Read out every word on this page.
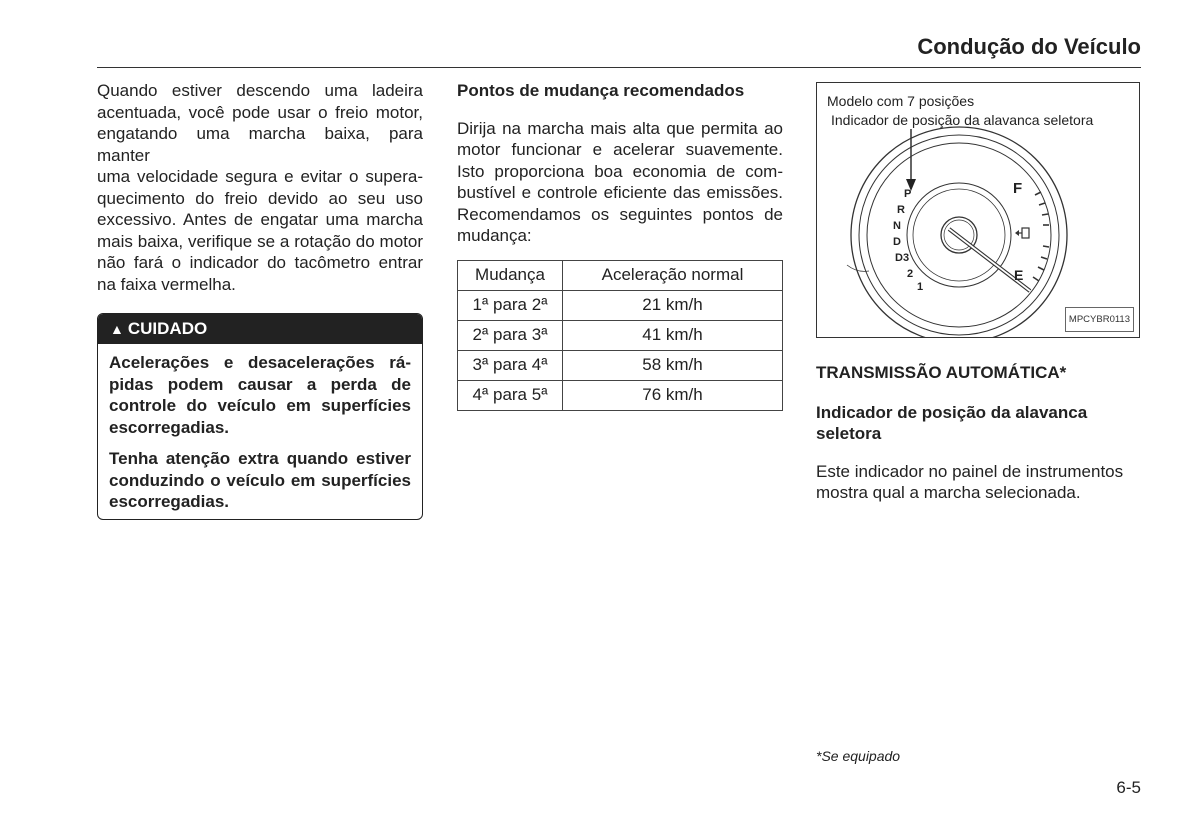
Condução do Veículo

Quando estiver descendo uma ladeira
acentuada, você pode usar o freio motor,
engatando uma marcha baixa, para manter
uma velocidade segura e evitar o supera-
quecimento do freio devido ao seu uso
excessivo. Antes de engatar uma marcha
mais baixa, verifique se a rotação do motor
não fará o indicador do tacômetro entrar
na faixa vermelha.

▲ CUIDADO

Acelerações e desacelerações rá-
pidas podem causar a perda de
controle do veículo em superfícies
escorregadias.

Tenha atenção extra quando estiver
conduzindo o veículo em superfícies
escorregadias.

Pontos de mudança recomendados

Dirija na marcha mais alta que permita ao
motor funcionar e acelerar suavemente.
Isto proporciona boa economia de com-
bustível e controle eficiente das emissões.
Recomendamos os seguintes pontos de
mudança:

Mudança	Aceleração normal
1ª para 2ª	21 km/h
2ª para 3ª	41 km/h
3ª para 4ª	58 km/h
4ª para 5ª	76 km/h
Modelo com 7 posições
Indicador de posição da alavanca seletora
P
R
N
D
D3
2
1
F
E
MPCYBR0113
TRANSMISSÃO AUTOMÁTICA*
Indicador de posição da alavanca
seletora
Este indicador no painel de instrumentos
mostra qual a marcha selecionada.
*Se equipado
6-5
